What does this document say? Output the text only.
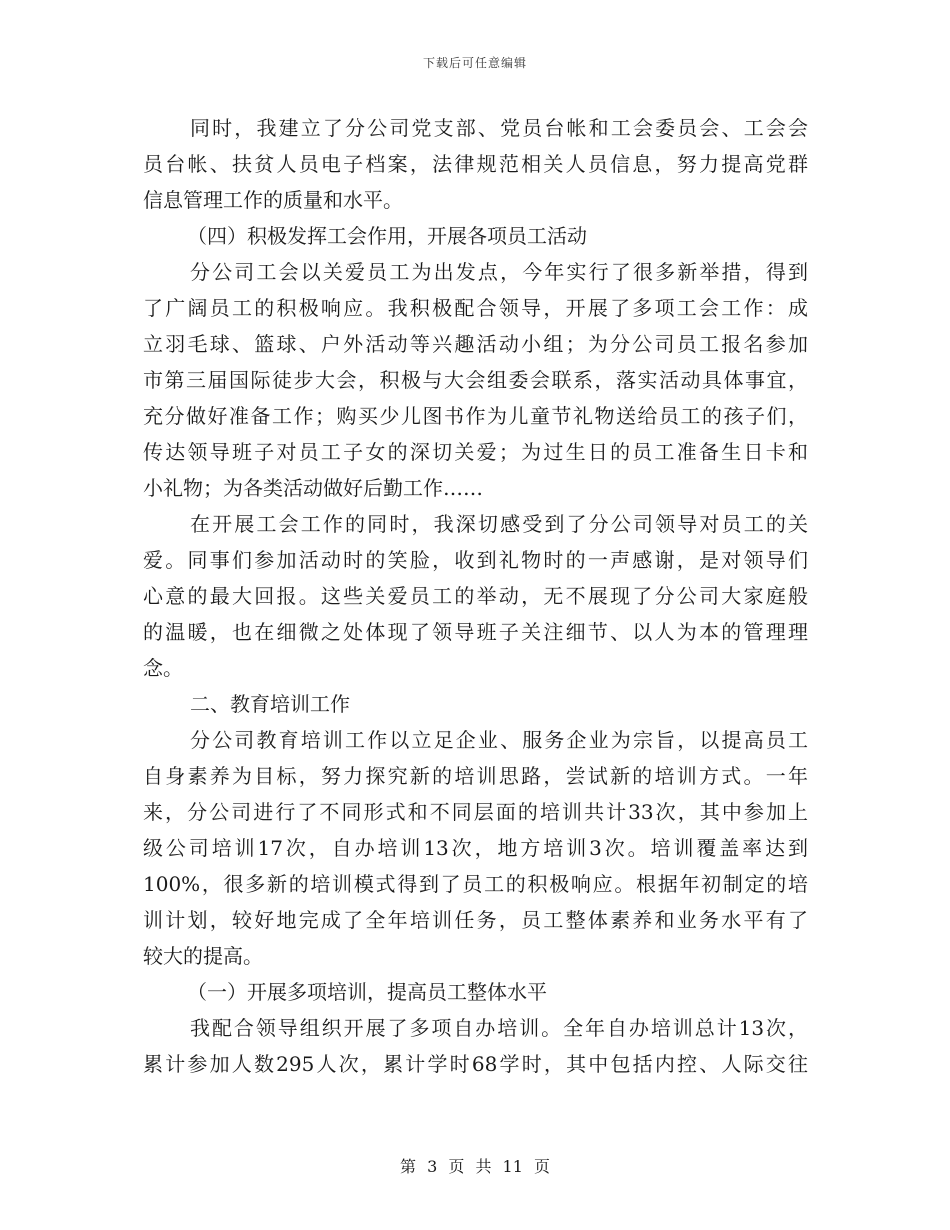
下载后可任意编辑
同时，我建立了分公司党支部、党员台帐和工会委员会、工会会
员台帐、扶贫人员电子档案，法律规范相关人员信息，努力提高党群
信息管理工作的质量和水平。
（四）积极发挥工会作用，开展各项员工活动
分公司工会以关爱员工为出发点，今年实行了很多新举措，得到
了广阔员工的积极响应。我积极配合领导，开展了多项工会工作：成
立羽毛球、篮球、户外活动等兴趣活动小组；为分公司员工报名参加
市第三届国际徒步大会，积极与大会组委会联系，落实活动具体事宜，
充分做好准备工作；购买少儿图书作为儿童节礼物送给员工的孩子们，
传达领导班子对员工子女的深切关爱；为过生日的员工准备生日卡和
小礼物；为各类活动做好后勤工作……
在开展工会工作的同时，我深切感受到了分公司领导对员工的关
爱。同事们参加活动时的笑脸，收到礼物时的一声感谢，是对领导们
心意的最大回报。这些关爱员工的举动，无不展现了分公司大家庭般
的温暖，也在细微之处体现了领导班子关注细节、以人为本的管理理
念。
二、教育培训工作
分公司教育培训工作以立足企业、服务企业为宗旨，以提高员工
自身素养为目标，努力探究新的培训思路，尝试新的培训方式。一年
来，分公司进行了不同形式和不同层面的培训共计33次，其中参加上
级公司培训17次，自办培训13次，地方培训3次。培训覆盖率达到
100%，很多新的培训模式得到了员工的积极响应。根据年初制定的培
训计划，较好地完成了全年培训任务，员工整体素养和业务水平有了
较大的提高。
（一）开展多项培训，提高员工整体水平
我配合领导组织开展了多项自办培训。全年自办培训总计13次，
累计参加人数295人次，累计学时68学时，其中包括内控、人际交往
第 3 页 共 11 页
